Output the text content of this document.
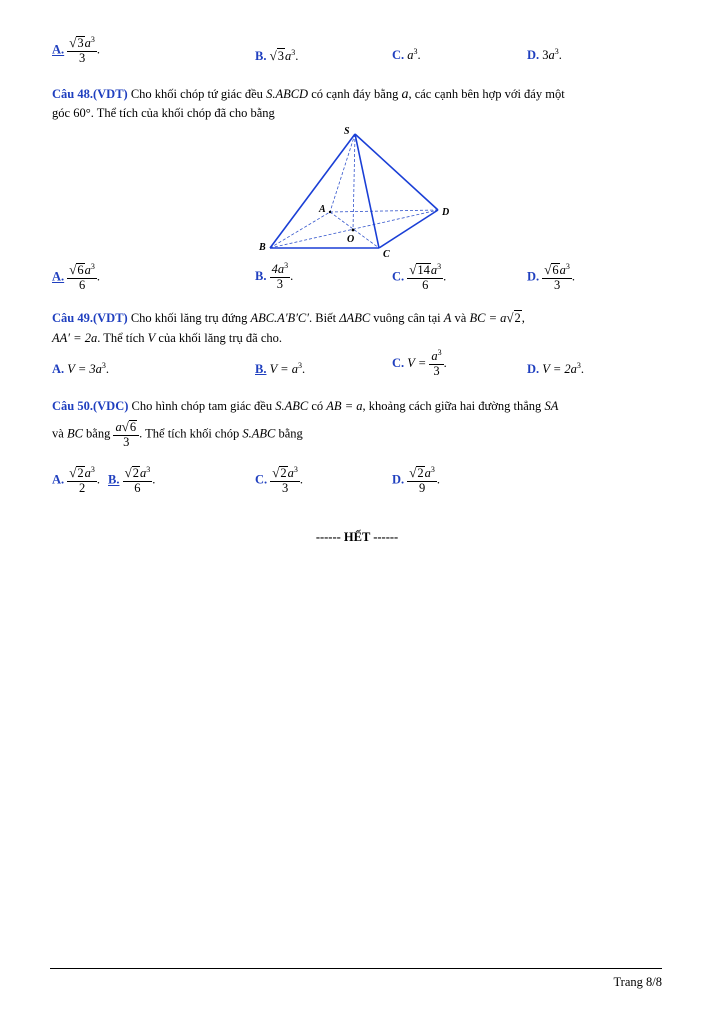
A. $\frac{√3a^3}{3}$ .	B. $√3a^3$.	C. $a^3$.	D. $3a^3$.
Câu 48.(VDT) Cho khối chóp tứ giác đều S.ABCD có cạnh đáy bằng a, các cạnh bên hợp với đáy một
góc 60°. Thể tích của khối chóp đã cho bằng
S
A
B
C
D
O
A. $\frac{√6a^3}{6}$ .	B. $\frac{4a^3}{3}$ .	C. $\frac{√14a^3}{6}$ .	D. $\frac{√6a^3}{3}$ .
Câu 49.(VDT) Cho khối lăng trụ đứng ABC.A′B′C′. Biết ΔABC vuông cân tại A và BC = a√2,
AA′ = 2a. Thể tích V của khối lăng trụ đã cho.
A. $V = 3a^3$.	B. $V = a^3$.	C. $V = \frac{a^3}{3}$ .	D. $V = 2a^3$.
Câu 50.(VDC) Cho hình chóp tam giác đều S.ABC có AB = a, khoảng cách giữa hai đường thẳng SA
và BC bằng $\frac{a√6}{3}$ . Thể tích khối chóp S.ABC bằng
A. $\frac{√2a^3}{2}$ . B. $\frac{√2a^3}{6}$ .	C. $\frac{√2a^3}{3}$ .	D. $\frac{√2a^3}{9}$ .
------ HẾT ------
Trang 8/8
